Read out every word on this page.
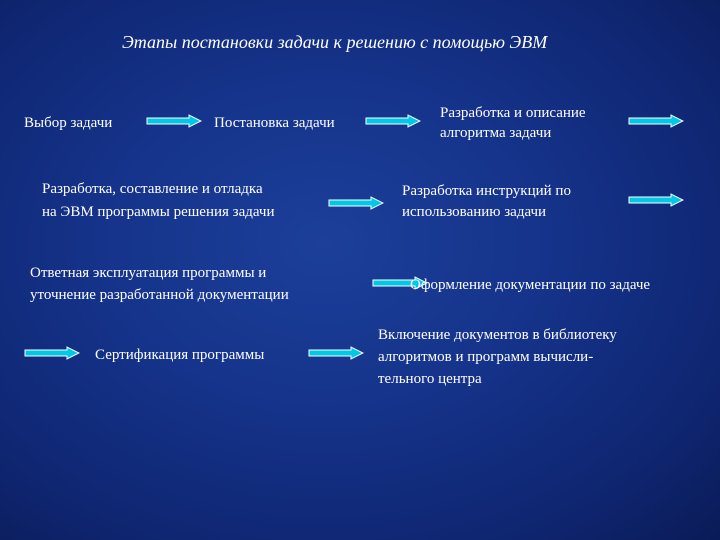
Этапы постановки задачи к решению с помощью ЭВМ
Выбор задачи	Постановка задачи
Разработка и описание
алгоритма задачи
Разработка, составление и отладка
на ЭВМ программы решения задачи
Разработка инструкций по
использованию задачи
Ответная эксплуатация программы и
уточнение разработанной документации
Оформление документации по задаче
Сертификация программы
Включение документов в библиотеку
алгоритмов и программ вычисли-
тельного центра
